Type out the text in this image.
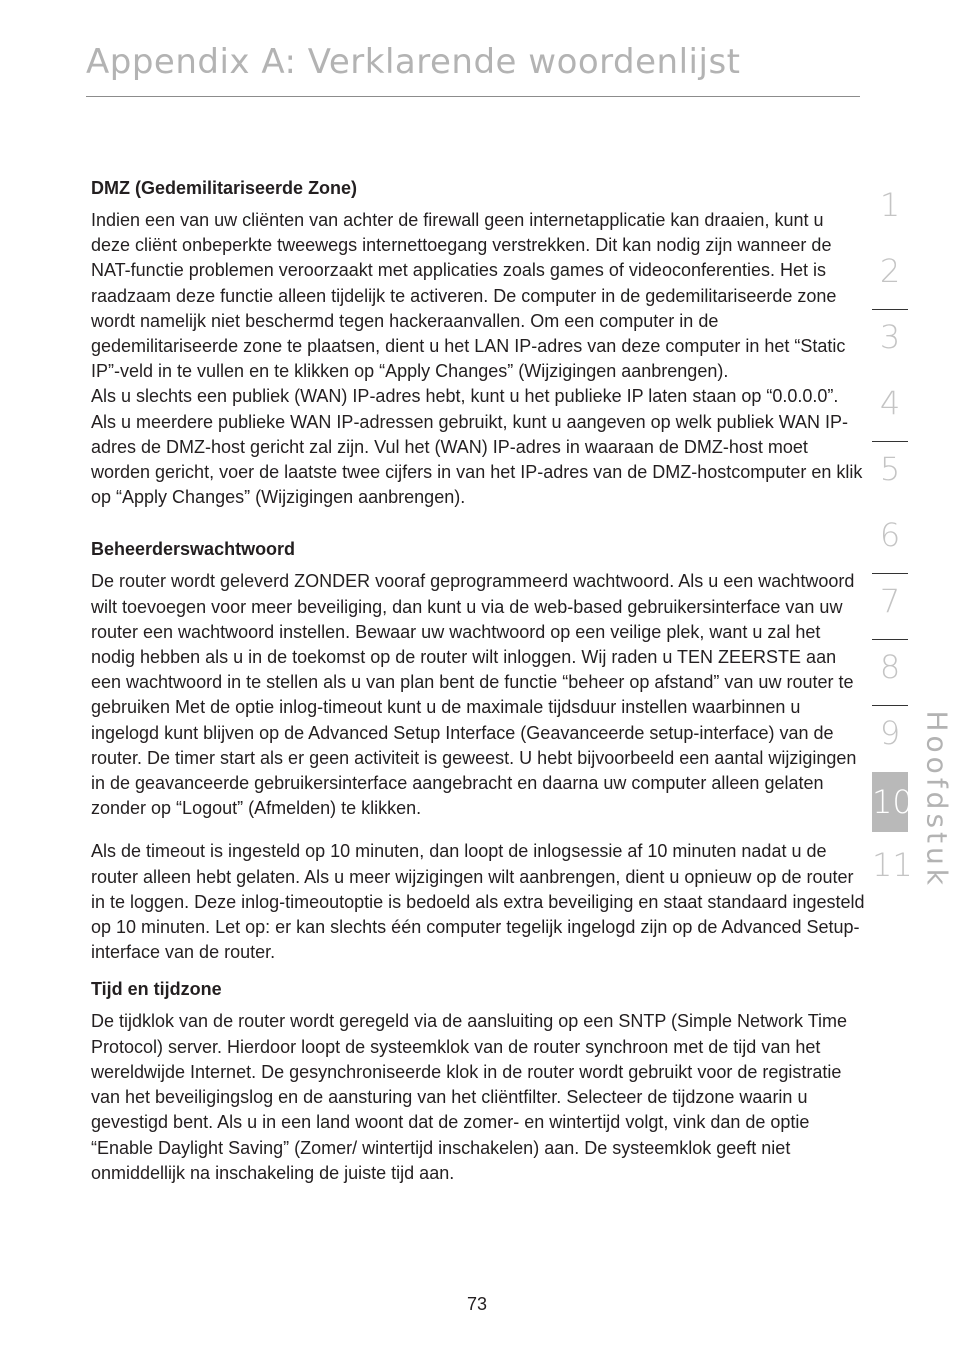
Appendix A: Verklarende woordenlijst
DMZ (Gedemilitariseerde Zone)

Indien een van uw cliënten van achter de firewall geen internetapplicatie kan draaien, kunt u deze cliënt onbeperkte tweewegs internettoegang verstrekken. Dit kan nodig zijn wanneer de NAT-functie problemen veroorzaakt met applicaties zoals games of videoconferenties. Het is raadzaam deze functie alleen tijdelijk te activeren. De computer in de gedemilitariseerde zone wordt namelijk niet beschermd tegen hackeraanvallen. Om een computer in de gedemilitariseerde zone te plaatsen, dient u het LAN IP-adres van deze computer in het “Static IP”-veld in te vullen en te klikken op “Apply Changes” (Wijzigingen aanbrengen).

Als u slechts een publiek (WAN) IP-adres hebt, kunt u het publieke IP laten staan op “0.0.0.0”. Als u meerdere publieke WAN IP-adressen gebruikt, kunt u aangeven op welk publiek WAN IP-adres de DMZ-host gericht zal zijn. Vul het (WAN) IP-adres in waaraan de DMZ-host moet worden gericht, voer de laatste twee cijfers in van het IP-adres van de DMZ-hostcomputer en klik op “Apply Changes” (Wijzigingen aanbrengen).

Beheerderswachtwoord

De router wordt geleverd ZONDER vooraf geprogrammeerd wachtwoord. Als u een wachtwoord wilt toevoegen voor meer beveiliging, dan kunt u via de web-based gebruikersinterface van uw router een wachtwoord instellen. Bewaar uw wachtwoord op een veilige plek, want u zal het nodig hebben als u in de toekomst op de router wilt inloggen. Wij raden u TEN ZEERSTE aan een wachtwoord in te stellen als u van plan bent de functie “beheer op afstand” van uw router te gebruiken Met de optie inlog-timeout kunt u de maximale tijdsduur instellen waarbinnen u ingelogd kunt blijven op de Advanced Setup Interface (Geavanceerde setup-interface) van de router. De timer start als er geen activiteit is geweest. U hebt bijvoorbeeld een aantal wijzigingen in de geavanceerde gebruikersinterface aangebracht en daarna uw computer alleen gelaten zonder op “Logout” (Afmelden) te klikken.

Als de timeout is ingesteld op 10 minuten, dan loopt de inlogsessie af 10 minuten nadat u de router alleen hebt gelaten. Als u meer wijzigingen wilt aanbrengen, dient u opnieuw op de router in te loggen. Deze inlog-timeoutoptie is bedoeld als extra beveiliging en staat standaard ingesteld op 10 minuten. Let op: er kan slechts één computer tegelijk ingelogd zijn op de Advanced Setup-interface van de router.

Tijd en tijdzone

De tijdklok van de router wordt geregeld via de aansluiting op een SNTP (Simple Network Time Protocol) server. Hierdoor loopt de systeemklok van de router synchroon met de tijd van het wereldwijde Internet. De gesynchroniseerde klok in de router wordt gebruikt voor de registratie van het beveiligingslog en de aansturing van het cliëntfilter. Selecteer de tijdzone waarin u gevestigd bent. Als u in een land woont dat de zomer- en wintertijd volgt, vink dan de optie “Enable Daylight Saving” (Zomer/ wintertijd inschakelen) aan. De systeemklok geeft niet onmiddellijk na inschakeling de juiste tijd aan.

1
2
3
4
5
6
7
8
9
10
11 Hoofdstuk
73
